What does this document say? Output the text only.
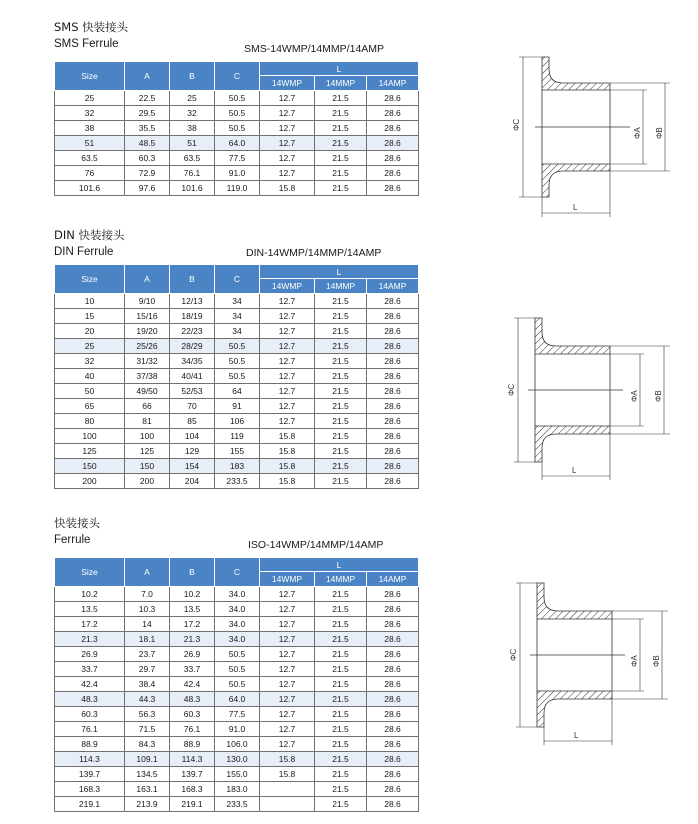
SMS 快装接头
SMS Ferrule	SMS-14WMP/14MMP/14AMP
Size	A	B	C	L		
				14WMP	14MMP	14AMP
25	22.5	25	50.5	12.7	21.5	28.6
32	29.5	32	50.5	12.7	21.5	28.6
38	35.5	38	50.5	12.7	21.5	28.6
51	48.5	51	64.0	12.7	21.5	28.6
63.5	60.3	63.5	77.5	12.7	21.5	28.6
76	72.9	76.1	91.0	12.7	21.5	28.6
101.6	97.6	101.6	119.0	15.8	21.5	28.6
DIN 快装接头
DIN Ferrule	DIN-14WMP/14MMP/14AMP
Size	A	B	C	L		
				14WMP	14MMP	14AMP
10	9/10	12/13	34	12.7	21.5	28.6
15	15/16	18/19	34	12.7	21.5	28.6
20	19/20	22/23	34	12.7	21.5	28.6
25	25/26	28/29	50.5	12.7	21.5	28.6
32	31/32	34/35	50.5	12.7	21.5	28.6
40	37/38	40/41	50.5	12.7	21.5	28.6
50	49/50	52/53	64	12.7	21.5	28.6
65	66	70	91	12.7	21.5	28.6
80	81	85	106	12.7	21.5	28.6
100	100	104	119	15.8	21.5	28.6
125	125	129	155	15.8	21.5	28.6
150	150	154	183	15.8	21.5	28.6
200	200	204	233.5	15.8	21.5	28.6
快装接头
Ferrule	ISO-14WMP/14MMP/14AMP
Size	A	B	C	L		
				14WMP	14MMP	14AMP
10.2	7.0	10.2	34.0	12.7	21.5	28.6
13.5	10.3	13.5	34.0	12.7	21.5	28.6
17.2	14	17.2	34.0	12.7	21.5	28.6
21.3	18.1	21.3	34.0	12.7	21.5	28.6
26.9	23.7	26.9	50.5	12.7	21.5	28.6
33.7	29.7	33.7	50.5	12.7	21.5	28.6
42.4	38.4	42.4	50.5	12.7	21.5	28.6
48.3	44.3	48.3	64.0	12.7	21.5	28.6
60.3	56.3	60.3	77.5	12.7	21.5	28.6
76.1	71.5	76.1	91.0	12.7	21.5	28.6
88.9	84.3	88.9	106.0	12.7	21.5	28.6
114.3	109.1	114.3	130.0	15.8	21.5	28.6
139.7	134.5	139.7	155.0	15.8	21.5	28.6
168.3	163.1	168.3	183.0		21.5	28.6
219.1	213.9	219.1	233.5		21.5	28.6
ΦC
ΦA ΦB
L
ΦC
ΦA ΦB
L
ΦC
ΦA ΦB
L
